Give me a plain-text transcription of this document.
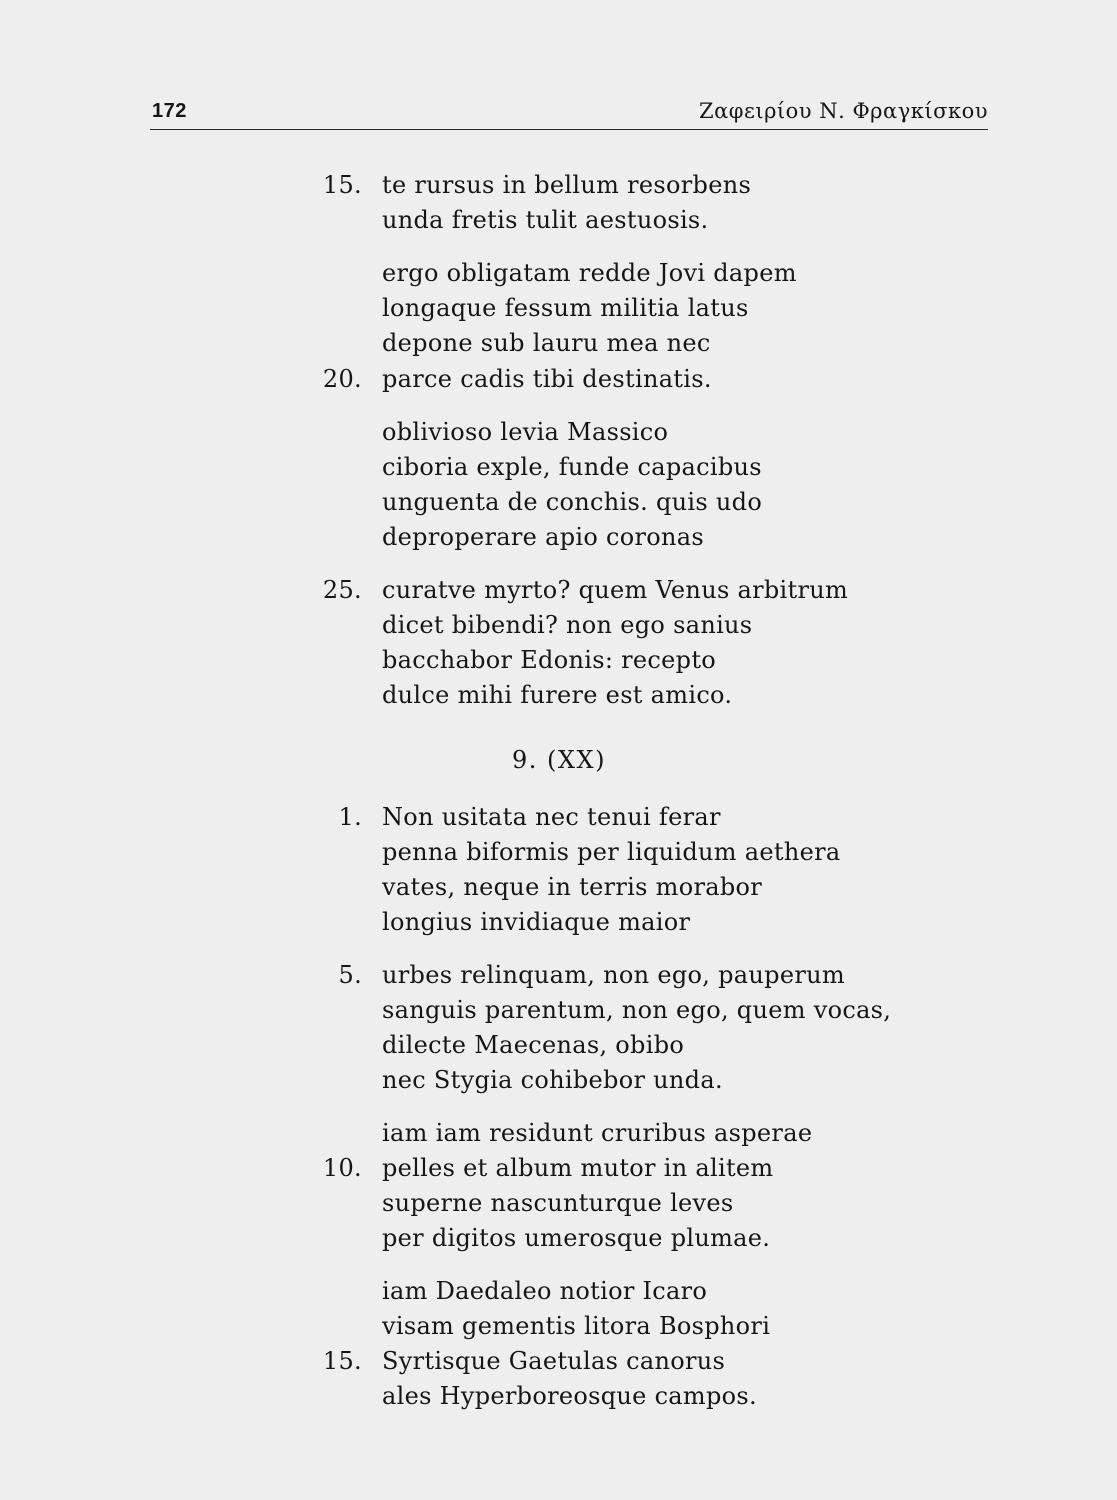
172	Ζαφειρίου Ν. Φραγκίσκου
15. te rursus in bellum resorbens
unda fretis tulit aestuosis.
ergo obligatam redde Jovi dapem
longaque fessum militia latus
depone sub lauru mea nec
20. parce cadis tibi destinatis.
oblivioso levia Massico
ciboria exple, funde capacibus
unguenta de conchis. quis udo
deproperare apio coronas
25. curatve myrto? quem Venus arbitrum
dicet bibendi? non ego sanius
bacchabor Edonis: recepto
dulce mihi furere est amico.
9. (XX)
1. Non usitata nec tenui ferar
penna biformis per liquidum aethera
vates, neque in terris morabor
longius invidiaque maior
5. urbes relinquam, non ego, pauperum
sanguis parentum, non ego, quem vocas,
dilecte Maecenas, obibo
nec Stygia cohibebor unda.
iam iam residunt cruribus asperae
10. pelles et album mutor in alitem
superne nascunturque leves
per digitos umerosque plumae.
iam Daedaleo notior Icaro
visam gementis litora Bosphori
15. Syrtisque Gaetulas canorus
ales Hyperboreosque campos.
